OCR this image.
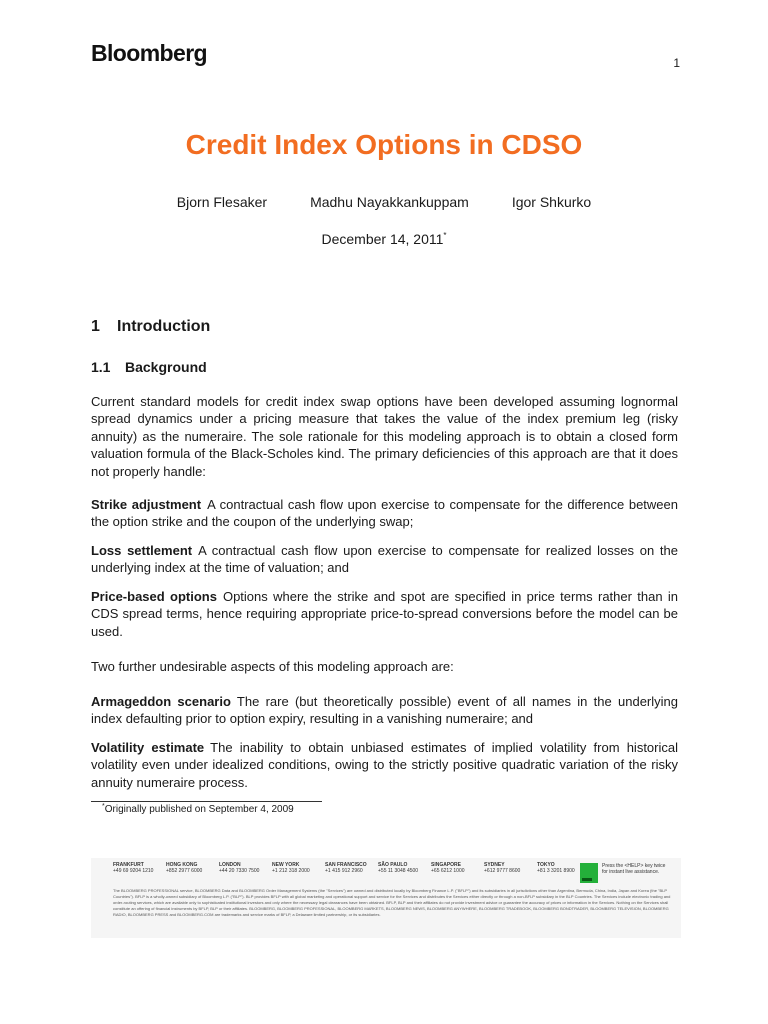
Bloomberg	1
Credit Index Options in CDSO
Bjorn Flesaker	Madhu Nayakkankuppam	Igor Shkurko
December 14, 2011*
1 Introduction
1.1 Background
Current standard models for credit index swap options have been developed assuming lognormal spread dynamics under a pricing measure that takes the value of the index premium leg (risky annuity) as the numeraire. The sole rationale for this modeling approach is to obtain a closed form valuation formula of the Black-Scholes kind. The primary deficiencies of this approach are that it does not properly handle:
Strike adjustment A contractual cash flow upon exercise to compensate for the difference between the option strike and the coupon of the underlying swap;
Loss settlement A contractual cash flow upon exercise to compensate for realized losses on the underlying index at the time of valuation; and
Price-based options Options where the strike and spot are specified in price terms rather than in CDS spread terms, hence requiring appropriate price-to-spread conversions before the model can be used.
Two further undesirable aspects of this modeling approach are:
Armageddon scenario The rare (but theoretically possible) event of all names in the underlying index defaulting prior to option expiry, resulting in a vanishing numeraire; and
Volatility estimate The inability to obtain unbiased estimates of implied volatility from historical volatility even under idealized conditions, owing to the strictly positive quadratic variation of the risky annuity numeraire process.
*Originally published on September 4, 2009
FRANKFURT
+49 69 9204 1210
HONG KONG
+852 2977 6000
LONDON
+44 20 7330 7500
NEW YORK
+1 212 318 2000
SAN FRANCISCO
+1 415 912 2960
SÃO PAULO
+55 11 3048 4500
SINGAPORE
+65 6212 1000
SYDNEY
+612 9777 8600
TOKYO
+81 3 3201 8900
Press the <HELP> key twice for instant live assistance.
The BLOOMBERG PROFESSIONAL service, BLOOMBERG Data and BLOOMBERG Order Management Systems (the "Services") are owned and distributed locally by Bloomberg Finance L.P. ("BFLP") and its subsidiaries in all jurisdictions other than Argentina, Bermuda, China, India, Japan and Korea (the "BLP Countries"). BFLP is a wholly-owned subsidiary of Bloomberg L.P. ("BLP"). BLP provides BFLP with all global marketing and operational support and service for the Services and distributes the Services either directly or through a non-BFLP subsidiary in the BLP Countries. The Services include electronic trading and order-routing services, which are available only to sophisticated institutional investors and only where the necessary legal clearances have been obtained. BFLP, BLP and their affiliates do not provide investment advice or guarantee the accuracy of prices or information in the Services. Nothing on the Services shall constitute an offering of financial instruments by BFLP, BLP or their affiliates. BLOOMBERG, BLOOMBERG PROFESSIONAL, BLOOMBERG MARKETS, BLOOMBERG NEWS, BLOOMBERG ANYWHERE, BLOOMBERG TRADEBOOK, BLOOMBERG BONDTRADER, BLOOMBERG TELEVISION, BLOOMBERG RADIO, BLOOMBERG PRESS and BLOOMBERG.COM are trademarks and service marks of BFLP, a Delaware limited partnership, or its subsidiaries.
